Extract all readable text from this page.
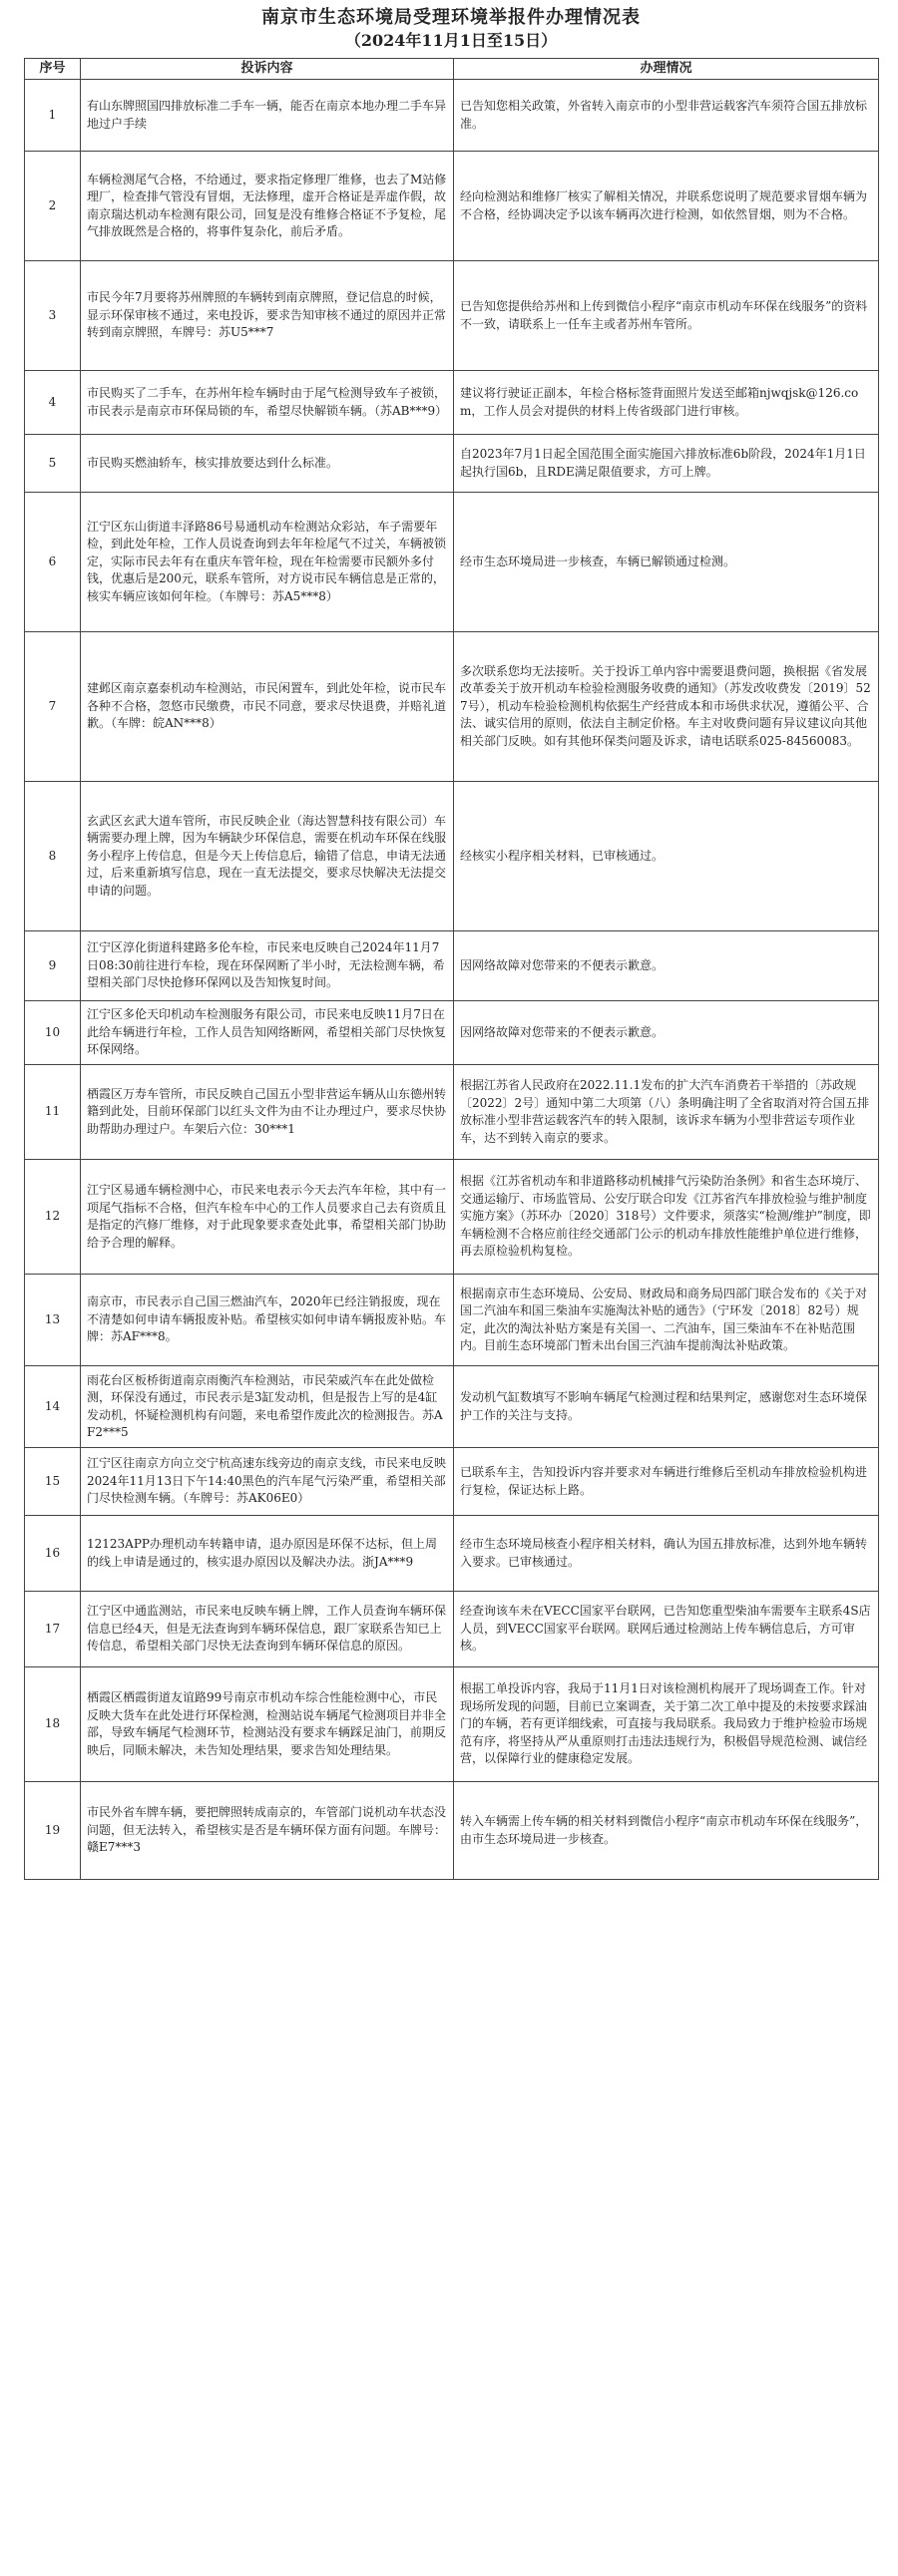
南京市生态环境局受理环境举报件办理情况表
（2024年11月1日至15日）
序号	投诉内容	办理情况
1	有山东牌照国四排放标准二手车一辆，能否在南京本地办理二手车异地过户手续	已告知您相关政策，外省转入南京市的小型非营运载客汽车须符合国五排放标准。
2	车辆检测尾气合格，不给通过，要求指定修理厂维修，也去了M站修理厂，检查排气管没有冒烟，无法修理，虚开合格证是弄虚作假，故南京瑞达机动车检测有限公司，回复是没有维修合格证不予复检，尾气排放既然是合格的，将事件复杂化，前后矛盾。	经向检测站和维修厂核实了解相关情况，并联系您说明了规范要求冒烟车辆为不合格，经协调决定予以该车辆再次进行检测，如依然冒烟，则为不合格。
3	市民今年7月要将苏州牌照的车辆转到南京牌照，登记信息的时候，显示环保审核不通过，来电投诉，要求告知审核不通过的原因并正常转到南京牌照，车牌号：苏U5***7	已告知您提供给苏州和上传到微信小程序“南京市机动车环保在线服务”的资料不一致，请联系上一任车主或者苏州车管所。
4	市民购买了二手车，在苏州年检车辆时由于尾气检测导致车子被锁，市民表示是南京市环保局锁的车，希望尽快解锁车辆。（苏AB***9）	建议将行驶证正副本，年检合格标签背面照片发送至邮箱njwqjsk@126.com，工作人员会对提供的材料上传省级部门进行审核。
5	市民购买燃油轿车，核实排放要达到什么标准。	自2023年7月1日起全国范围全面实施国六排放标准6b阶段，2024年1月1日起执行国6b，且RDE满足限值要求，方可上牌。
6	江宁区东山街道丰泽路86号易通机动车检测站众彩站，车子需要年检，到此处年检，工作人员说查询到去年年检尾气不过关，车辆被锁定，实际市民去年有在重庆车管年检，现在年检需要市民额外多付钱，优惠后是200元，联系车管所，对方说市民车辆信息是正常的，核实车辆应该如何年检。（车牌号：苏A5***8）	经市生态环境局进一步核查，车辆已解锁通过检测。
7	建邺区南京嘉泰机动车检测站，市民闲置车，到此处年检，说市民车各种不合格，忽悠市民缴费，市民不同意，要求尽快退费，并赔礼道歉。（车牌：皖AN***8）	多次联系您均无法接听。关于投诉工单内容中需要退费问题，换根据《省发展改革委关于放开机动车检验检测服务收费的通知》（苏发改收费发〔2019〕527号），机动车检验检测机构依据生产经营成本和市场供求状况，遵循公平、合法、诚实信用的原则，依法自主制定价格。车主对收费问题有异议建议向其他相关部门反映。如有其他环保类问题及诉求，请电话联系025-84560083。
8	玄武区玄武大道车管所，市民反映企业（海达智慧科技有限公司）车辆需要办理上牌，因为车辆缺少环保信息，需要在机动车环保在线服务小程序上传信息，但是今天上传信息后，输错了信息，申请无法通过，后来重新填写信息，现在一直无法提交，要求尽快解决无法提交申请的问题。	经核实小程序相关材料，已审核通过。
9	江宁区淳化街道科建路多伦车检，市民来电反映自己2024年11月7日08:30前往进行车检，现在环保网断了半小时，无法检测车辆，希望相关部门尽快抢修环保网以及告知恢复时间。	因网络故障对您带来的不便表示歉意。
10	江宁区多伦天印机动车检测服务有限公司，市民来电反映11月7日在此给车辆进行年检，工作人员告知网络断网，希望相关部门尽快恢复环保网络。	因网络故障对您带来的不便表示歉意。
11	栖霞区万寿车管所，市民反映自己国五小型非营运车辆从山东德州转籍到此处，目前环保部门以红头文件为由不让办理过户，要求尽快协助帮助办理过户。车架后六位：30***1	根据江苏省人民政府在2022.11.1发布的扩大汽车消费若干举措的〔苏政规〔2022〕2号〕通知中第二大项第（八）条明确注明了全省取消对符合国五排放标准小型非营运载客汽车的转入限制，该诉求车辆为小型非营运专项作业车，达不到转入南京的要求。
12	江宁区易通车辆检测中心，市民来电表示今天去汽车年检，其中有一项尾气指标不合格，但汽车检车中心的工作人员要求自己去有资质且是指定的汽修厂维修，对于此现象要求查处此事，希望相关部门协助给予合理的解释。	根据《江苏省机动车和非道路移动机械排气污染防治条例》和省生态环境厅、交通运输厅、市场监管局、公安厅联合印发《江苏省汽车排放检验与维护制度实施方案》（苏环办〔2020〕318号）文件要求，须落实“检测/维护”制度，即车辆检测不合格应前往经交通部门公示的机动车排放性能维护单位进行维修，再去原检验机构复检。
13	南京市，市民表示自己国三燃油汽车，2020年已经注销报废，现在不清楚如何申请车辆报废补贴。希望核实如何申请车辆报废补贴。车牌：苏AF***8。	根据南京市生态环境局、公安局、财政局和商务局四部门联合发布的《关于对国二汽油车和国三柴油车实施淘汰补贴的通告》（宁环发〔2018〕82号）规定，此次的淘汰补贴方案是有关国一、二汽油车，国三柴油车不在补贴范围内。目前生态环境部门暂未出台国三汽油车提前淘汰补贴政策。
14	雨花台区板桥街道南京雨衡汽车检测站，市民荣威汽车在此处做检测，环保没有通过，市民表示是3缸发动机，但是报告上写的是4缸发动机，怀疑检测机构有问题，来电希望作废此次的检测报告。苏AF2***5	发动机气缸数填写不影响车辆尾气检测过程和结果判定，感谢您对生态环境保护工作的关注与支持。
15	江宁区往南京方向立交宁杭高速东线旁边的南京支线，市民来电反映2024年11月13日下午14:40黑色的汽车尾气污染严重，希望相关部门尽快检测车辆。（车牌号：苏AK06E0）	已联系车主，告知投诉内容并要求对车辆进行维修后至机动车排放检验机构进行复检，保证达标上路。
16	12123APP办理机动车转籍申请，退办原因是环保不达标，但上周的线上申请是通过的，核实退办原因以及解决办法。浙JA***9	经市生态环境局核查小程序相关材料，确认为国五排放标准，达到外地车辆转入要求。已审核通过。
17	江宁区中通监测站，市民来电反映车辆上牌，工作人员查询车辆环保信息已经4天，但是无法查询到车辆环保信息，跟厂家联系告知已上传信息，希望相关部门尽快无法查询到车辆环保信息的原因。	经查询该车未在VECC国家平台联网，已告知您重型柴油车需要车主联系4S店人员，到VECC国家平台联网。联网后通过检测站上传车辆信息后，方可审核。
18	栖霞区栖霞街道友谊路99号南京市机动车综合性能检测中心，市民反映大货车在此处进行环保检测，检测站说车辆尾气检测项目并非全部，导致车辆尾气检测环节，检测站没有要求车辆踩足油门，前期反映后，同顺未解决，未告知处理结果，要求告知处理结果。	根据工单投诉内容，我局于11月1日对该检测机构展开了现场调查工作。针对现场所发现的问题，目前已立案调查，关于第二次工单中提及的未按要求踩油门的车辆，若有更详细线索，可直接与我局联系。我局致力于维护检验市场规范有序，将坚持从严从重原则打击违法违规行为，积极倡导规范检测、诚信经营，以保障行业的健康稳定发展。
19	市民外省车牌车辆，要把牌照转成南京的，车管部门说机动车状态没问题，但无法转入，希望核实是否是车辆环保方面有问题。车牌号：赣E7***3	转入车辆需上传车辆的相关材料到微信小程序“南京市机动车环保在线服务”，由市生态环境局进一步核查。
